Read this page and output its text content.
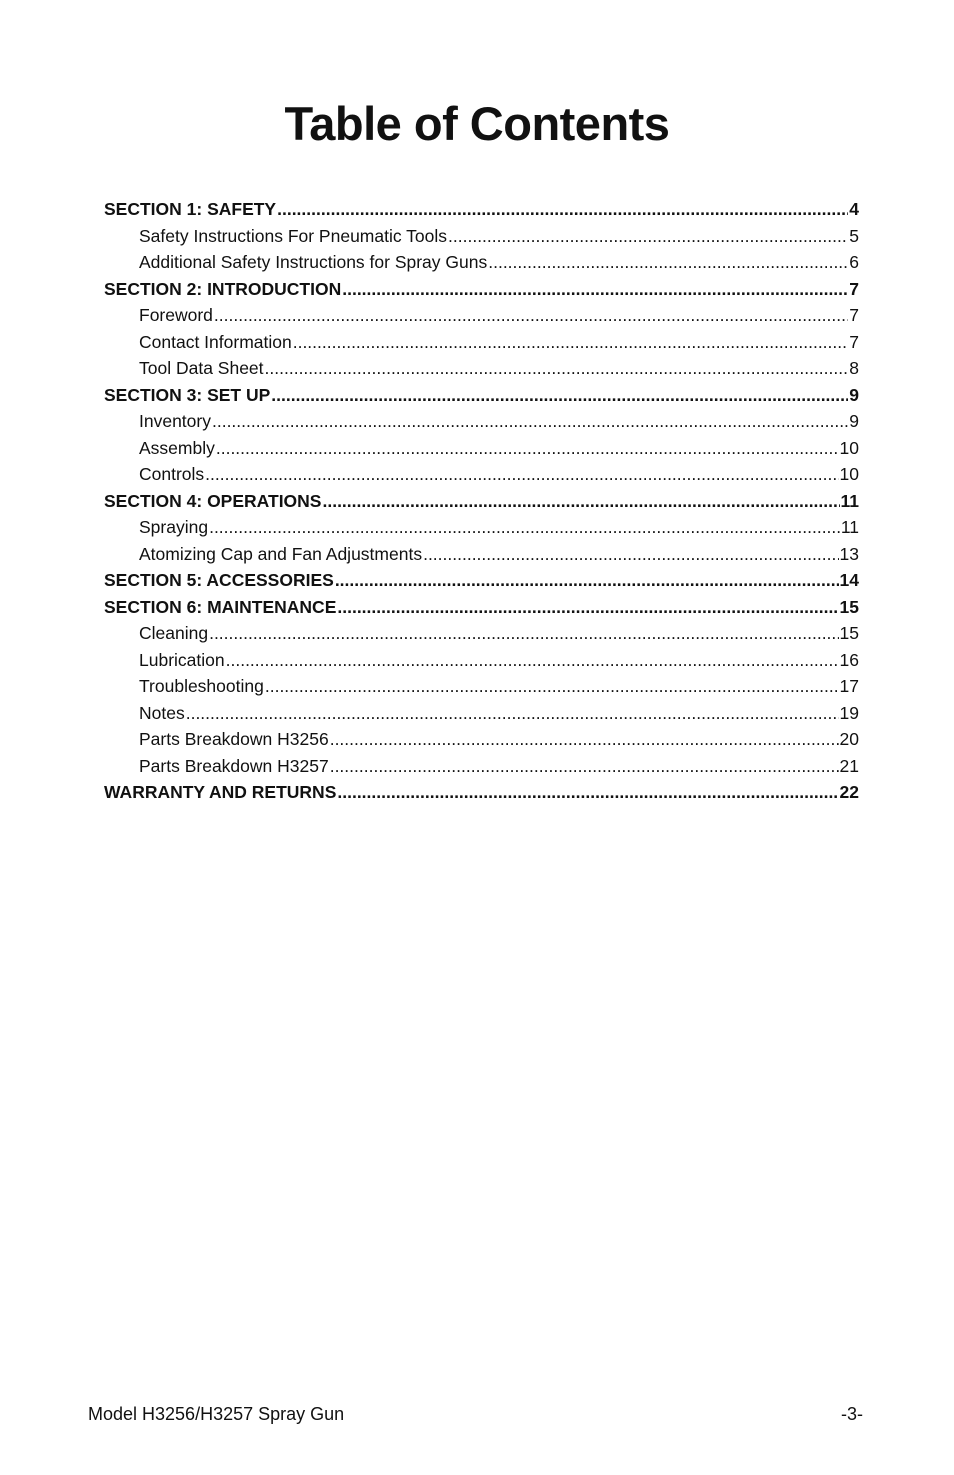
Table of Contents
SECTION 1: SAFETY .....	4
Safety Instructions For Pneumatic Tools .....	5
Additional Safety Instructions for Spray Guns .....	6
SECTION 2: INTRODUCTION .....	7
Foreword .....	7
Contact Information .....	7
Tool Data Sheet .....	8
SECTION 3: SET UP .....	9
Inventory .....	9
Assembly .....	10
Controls .....	10
SECTION 4: OPERATIONS .....	11
Spraying .....	11
Atomizing Cap and Fan Adjustments .....	13
SECTION 5: ACCESSORIES .....	14
SECTION 6: MAINTENANCE .....	15
Cleaning .....	15
Lubrication .....	16
Troubleshooting .....	17
Notes .....	19
Parts Breakdown H3256 .....	20
Parts Breakdown H3257 .....	21
WARRANTY AND RETURNS .....	22
Model H3256/H3257 Spray Gun	-3-
